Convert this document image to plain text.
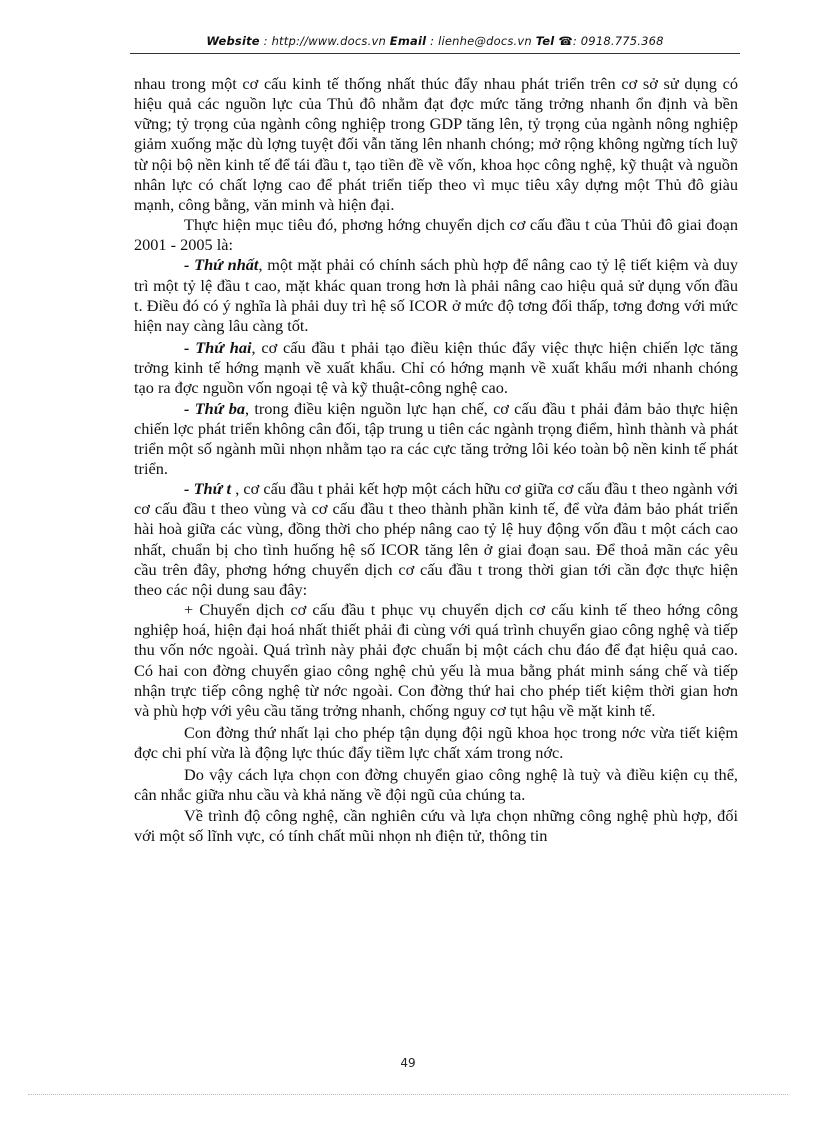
Website : http://www.docs.vn Email : lienhe@docs.vn Tel ☎: 0918.775.368

nhau trong một cơ cấu kinh tế thống nhất thúc đẩy nhau phát triển trên cơ sở sử dụng có hiệu quả các nguồn lực của Thủ đô nhằm đạt đợc mức tăng trởng nhanh ổn định và bền vững; tỷ trọng của ngành công nghiệp trong GDP tăng lên, tỷ trọng của ngành nông nghiệp giảm xuống mặc dù lợng tuyệt đối vẫn tăng lên nhanh chóng; mở rộng không ngừng tích luỹ từ nội bộ nền kinh tế để tái đầu t, tạo tiền đề về vốn, khoa học công nghệ, kỹ thuật và nguồn nhân lực có chất lợng cao để phát triển tiếp theo vì mục tiêu xây dựng một Thủ đô giàu mạnh, công bằng, văn minh và hiện đại.

Thực hiện mục tiêu đó, phơng hớng chuyển dịch cơ cấu đầu t của Thủi đô giai đoạn 2001 - 2005 là:

- Thứ nhất, một mặt phải có chính sách phù hợp để nâng cao tỷ lệ tiết kiệm và duy trì một tỷ lệ đầu t cao, mặt khác quan trong hơn là phải nâng cao hiệu quả sử dụng vốn đầu t. Điều đó có ý nghĩa là phải duy trì hệ số ICOR ở mức độ tơng đối thấp, tơng đơng với mức hiện nay càng lâu càng tốt.

- Thứ hai, cơ cấu đầu t phải tạo điều kiện thúc đẩy việc thực hiện chiến lợc tăng trởng kinh tế hớng mạnh về xuất khẩu. Chỉ có hớng mạnh về xuất khẩu mới nhanh chóng tạo ra đợc nguồn vốn ngoại tệ và kỹ thuật-công nghệ cao.

- Thứ ba, trong điều kiện nguồn lực hạn chế, cơ cấu đầu t phải đảm bảo thực hiện chiến lợc phát triển không cân đối, tập trung u tiên các ngành trọng điểm, hình thành và phát triển một số ngành mũi nhọn nhằm tạo ra các cực tăng trởng lôi kéo toàn bộ nền kinh tế phát triển.

- Thứ t , cơ cấu đầu t phải kết hợp một cách hữu cơ giữa cơ cấu đầu t theo ngành với cơ cấu đầu t theo vùng và cơ cấu đầu t theo thành phần kinh tế, để vừa đảm bảo phát triển hài hoà giữa các vùng, đồng thời cho phép nâng cao tỷ lệ huy động vốn đầu t một cách cao nhất, chuẩn bị cho tình huống hệ số ICOR tăng lên ở giai đoạn sau. Để thoả mãn các yêu cầu trên đây, phơng hớng chuyển dịch cơ cấu đầu t trong thời gian tới cần đợc thực hiện theo các nội dung sau đây:

+ Chuyển dịch cơ cấu đầu t phục vụ chuyển dịch cơ cấu kinh tế theo hớng công nghiệp hoá, hiện đại hoá nhất thiết phải đi cùng với quá trình chuyển giao công nghệ và tiếp thu vốn nớc ngoài. Quá trình này phải đợc chuẩn bị một cách chu đáo để đạt hiệu quả cao. Có hai con đờng chuyển giao công nghệ chủ yếu là mua bằng phát minh sáng chế và tiếp nhận trực tiếp công nghệ từ nớc ngoài. Con đờng thứ hai cho phép tiết kiệm thời gian hơn và phù hợp với yêu cầu tăng trởng nhanh, chống nguy cơ tụt hậu về mặt kinh tế.

Con đờng thứ nhất lại cho phép tận dụng đội ngũ khoa học trong nớc vừa tiết kiệm đợc chi phí vừa là động lực thúc đẩy tiềm lực chất xám trong nớc.

Do vậy cách lựa chọn con đờng chuyển giao công nghệ là tuỳ và điều kiện cụ thể, cân nhắc giữa nhu cầu và khả năng về đội ngũ của chúng ta.

Về trình độ công nghệ, cần nghiên cứu và lựa chọn những công nghệ phù hợp, đối với một số lĩnh vực, có tính chất mũi nhọn nh điện tử, thông tin

49
